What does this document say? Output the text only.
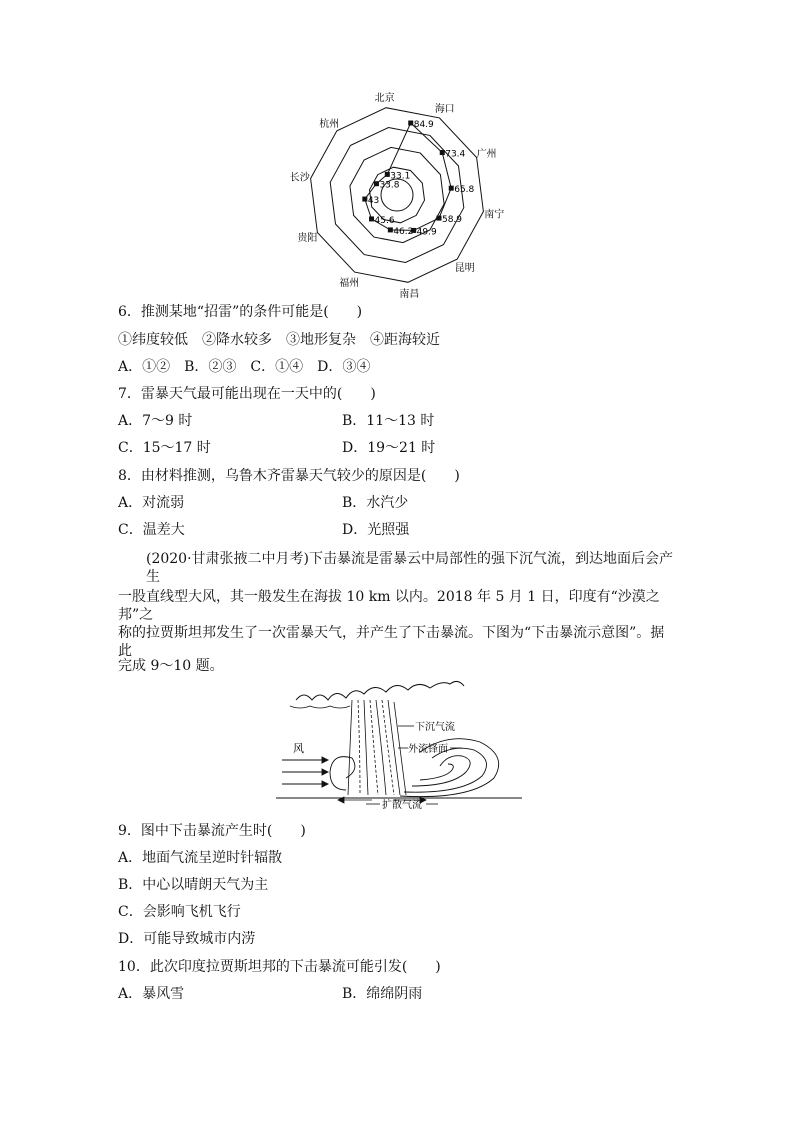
84.9
73.4
65.8
58.9
49.9
46.2
45.6
43
33.8
33.1
海口
广州
南宁
昆明
南昌
福州
贵阳
长沙
杭州
北京
6．推测某地“招雷”的条件可能是(　　)
①纬度较低　②降水较多　③地形复杂　④距海较近
A．①②　B．②③　C．①④　D．③④
7．雷暴天气最可能出现在一天中的(　　)
A．7～9 时	B．11～13 时
C．15～17 时	D．19～21 时
8．由材料推测，乌鲁木齐雷暴天气较少的原因是(　　)
A．对流弱	B．水汽少
C．温差大	D．光照强
(2020·甘肃张掖二中月考)下击暴流是雷暴云中局部性的强下沉气流，到达地面后会产生
一股直线型大风，其一般发生在海拔 10 km 以内。2018 年 5 月 1 日，印度有“沙漠之邦”之
称的拉贾斯坦邦发生了一次雷暴天气，并产生了下击暴流。下图为“下击暴流示意图”。据此
完成 9～10 题。
风
下沉气流
外流锋面
扩散气流
9．图中下击暴流产生时(　　)
A．地面气流呈逆时针辐散
B．中心以晴朗天气为主
C．会影响飞机飞行
D．可能导致城市内涝
10．此次印度拉贾斯坦邦的下击暴流可能引发(　　)
A．暴风雪	B．绵绵阴雨
